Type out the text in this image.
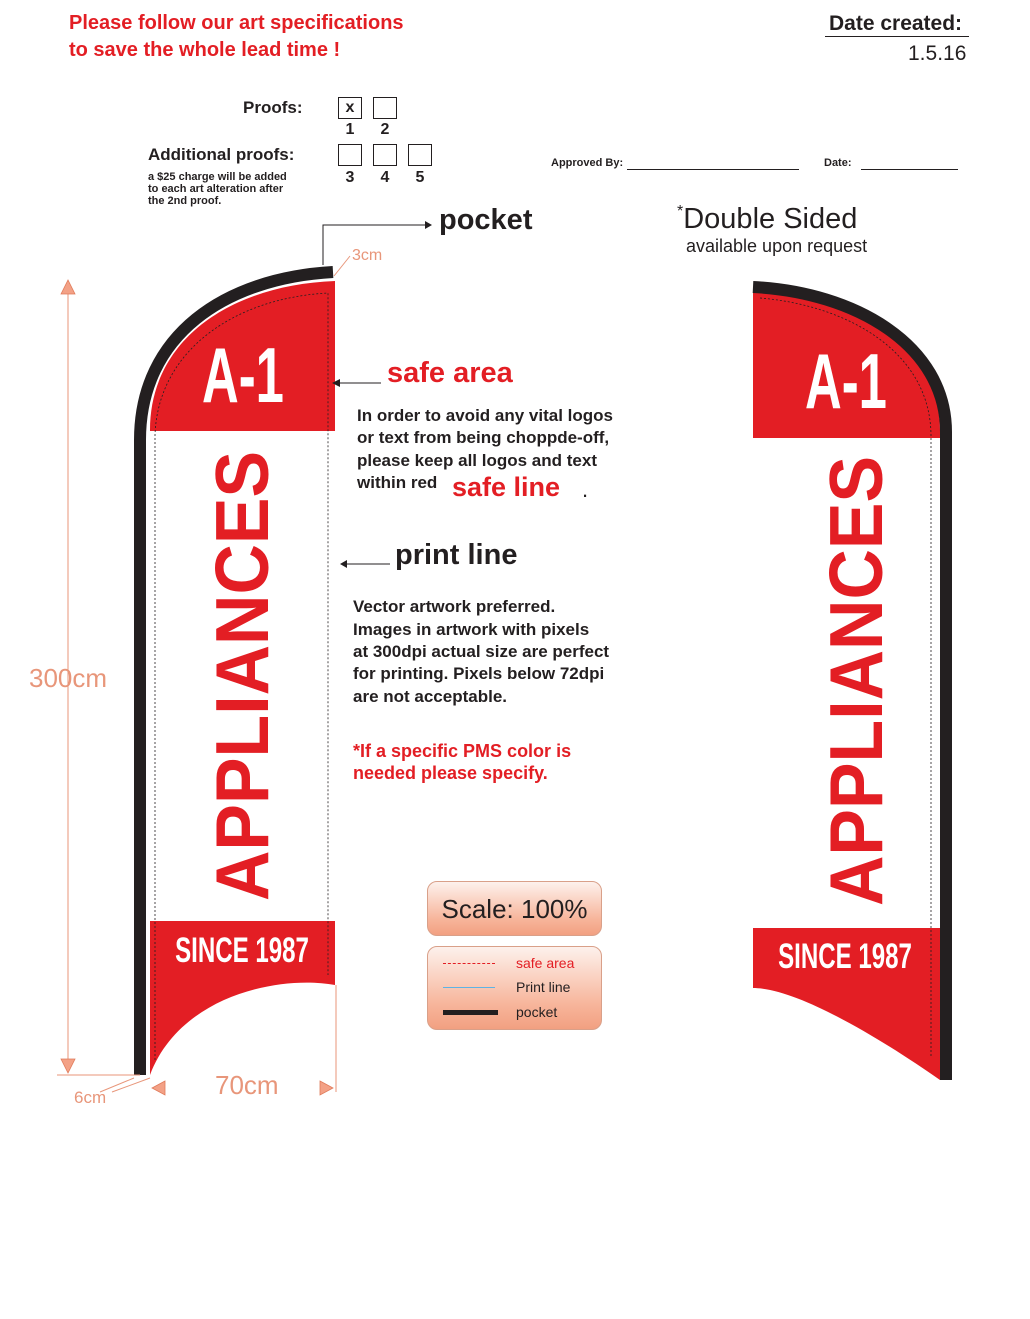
Please follow our art specifications
to save the whole lead time !
Date created:
1.5.16
Proofs:	x
1	2
Additional proofs:
3	4	5
a $25 charge will be added
to each art alteration after
the 2nd proof.
Approved By:	Date:
pocket	*Double Sided
available upon request
A-1
APPLIANCES
SINCE 1987
A-1
APPLIANCES
SINCE 1987
3cm
300cm
6cm	70cm
safe area
In order to avoid any vital logos
or text from being choppde-off,
please keep all logos and text
within red safe line .
print line
Vector artwork preferred.
Images in artwork with pixels
at 300dpi actual size are perfect
for printing. Pixels below 72dpi
are not acceptable.
*If a specific PMS color is
needed please specify.
Scale: 100%
safe area
Print line
pocket
